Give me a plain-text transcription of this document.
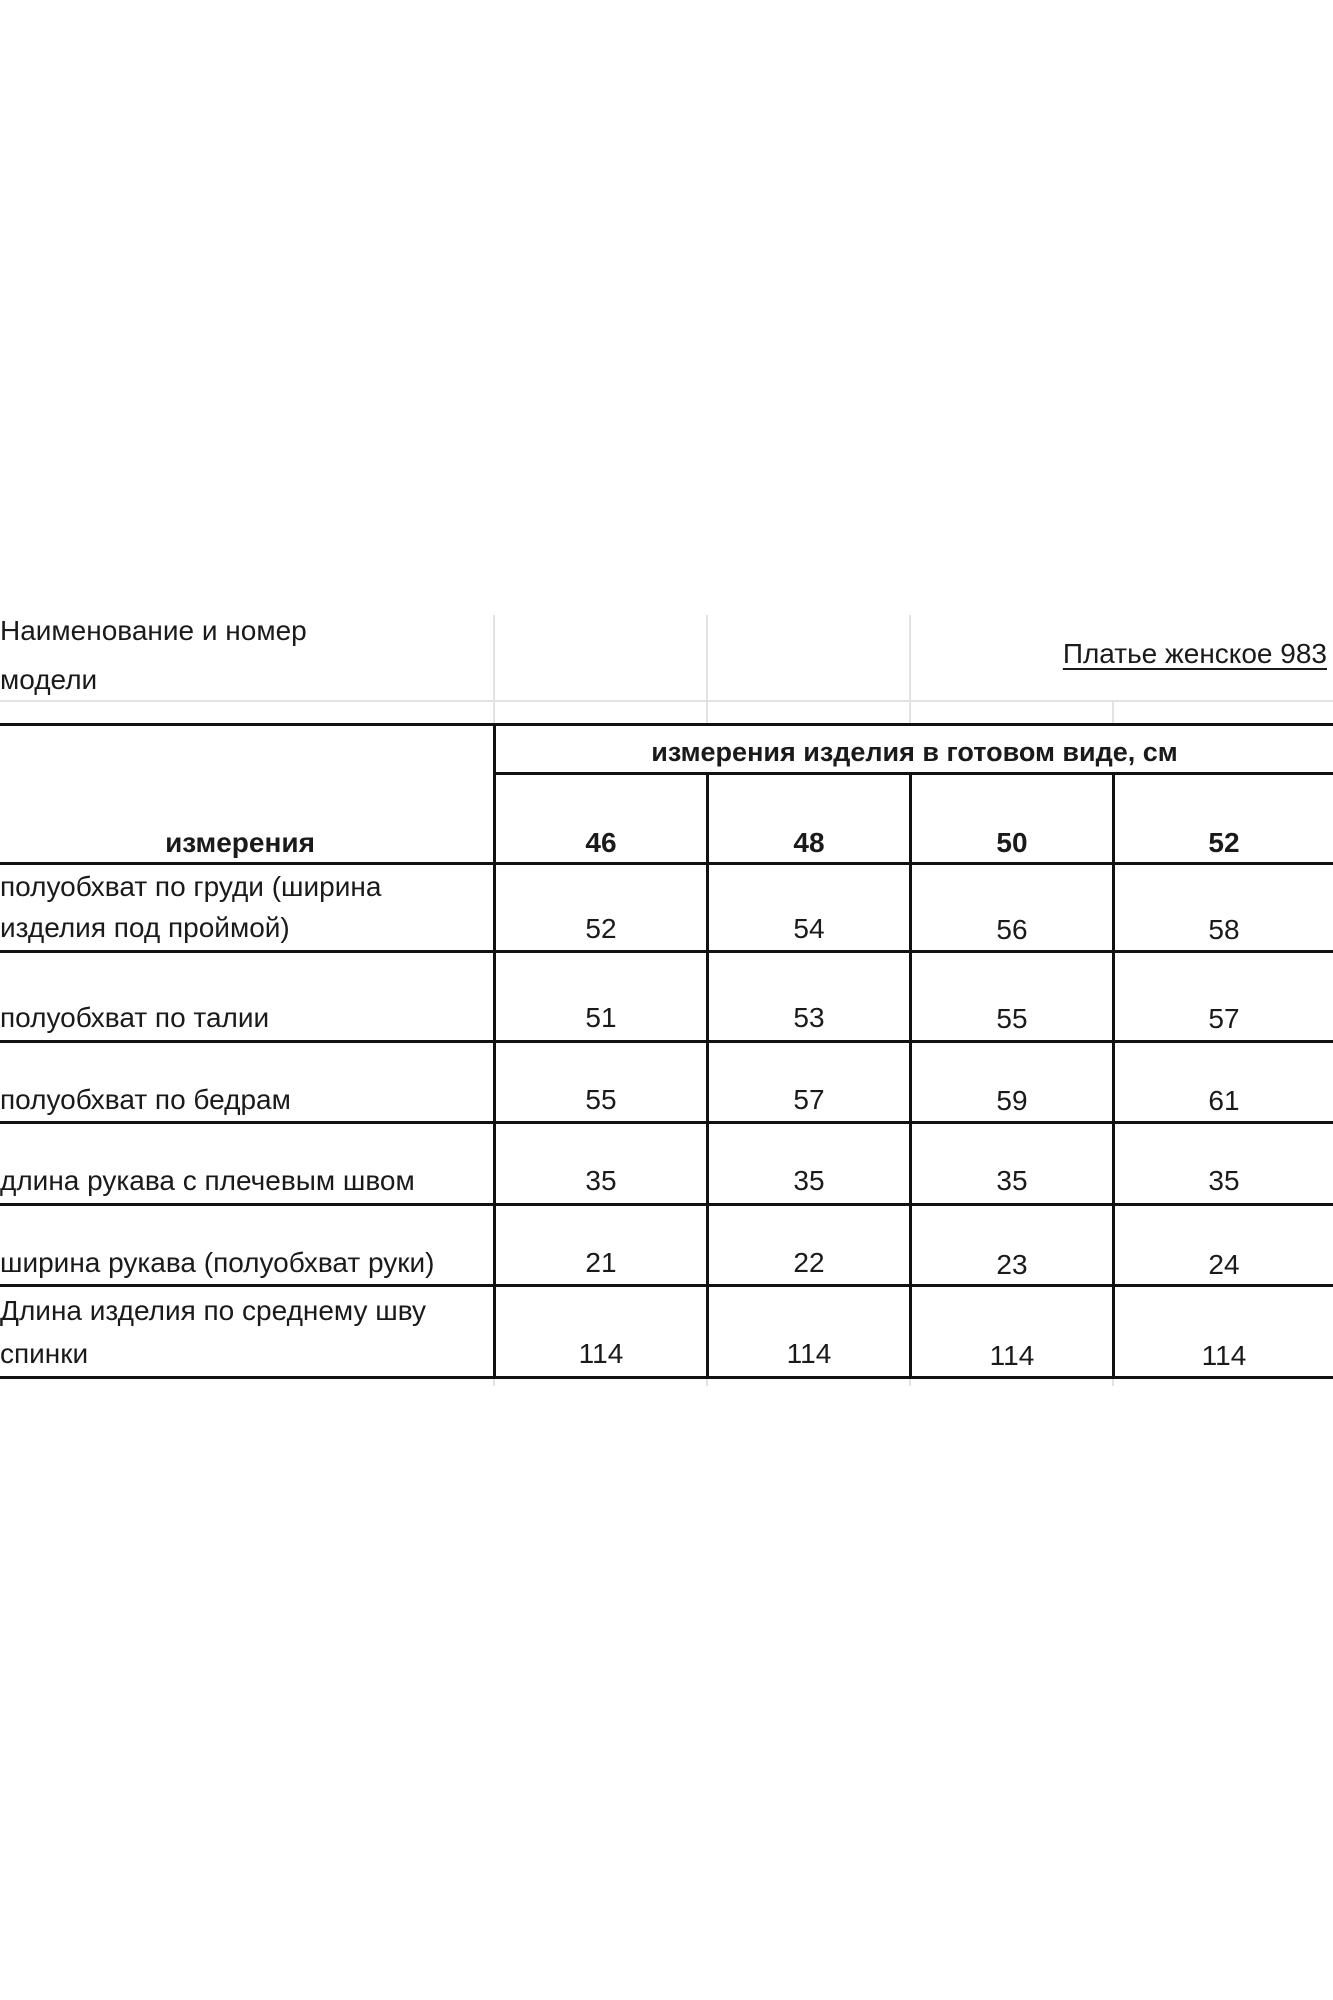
Наименование и номер
модели
Платье женское 983
измерения изделия в готовом виде, см
измерения	46	48	50	52
полуобхват по груди (ширина
изделия под проймой)	52	54	56	58
полуобхват по талии	51	53	55	57
полуобхват по бедрам	55	57	59	61
длина рукава с плечевым швом	35	35	35	35
ширина рукава (полуобхват руки)	21	22	23	24
Длина изделия по среднему шву
спинки	114	114	114	114
